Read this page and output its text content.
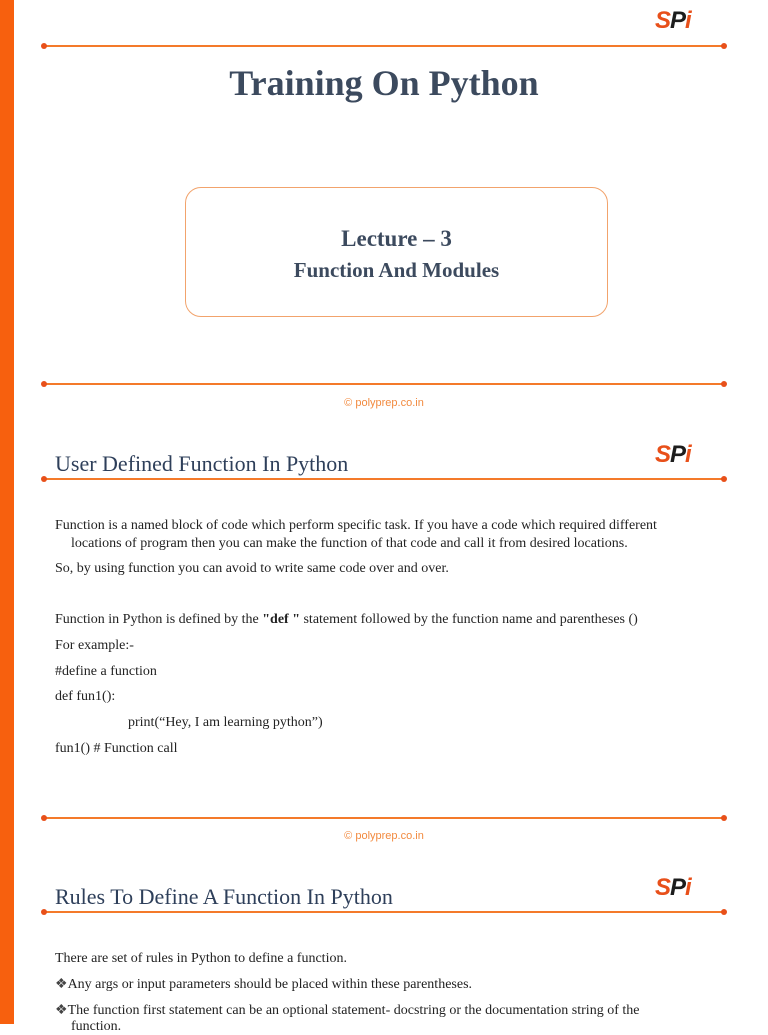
SPi
Training On Python
Lecture – 3
Function And Modules
© polyprep.co.in
User Defined Function In Python	SPi
Function is a named block of code which perform specific task. If you have a code which required different
locations of program then you can make the function of that code and call it from desired locations.
So, by using function you can avoid to write same code over and over.
Function in Python is defined by the "def " statement followed by the function name and parentheses ()
For example:-
#define a function
def fun1():
print(“Hey, I am learning python”)
fun1() # Function call
© polyprep.co.in
Rules To Define A Function In Python	SPi
There are set of rules in Python to define a function.
❖Any args or input parameters should be placed within these parentheses.
❖The function first statement can be an optional statement- docstring or the documentation string of the
function.
